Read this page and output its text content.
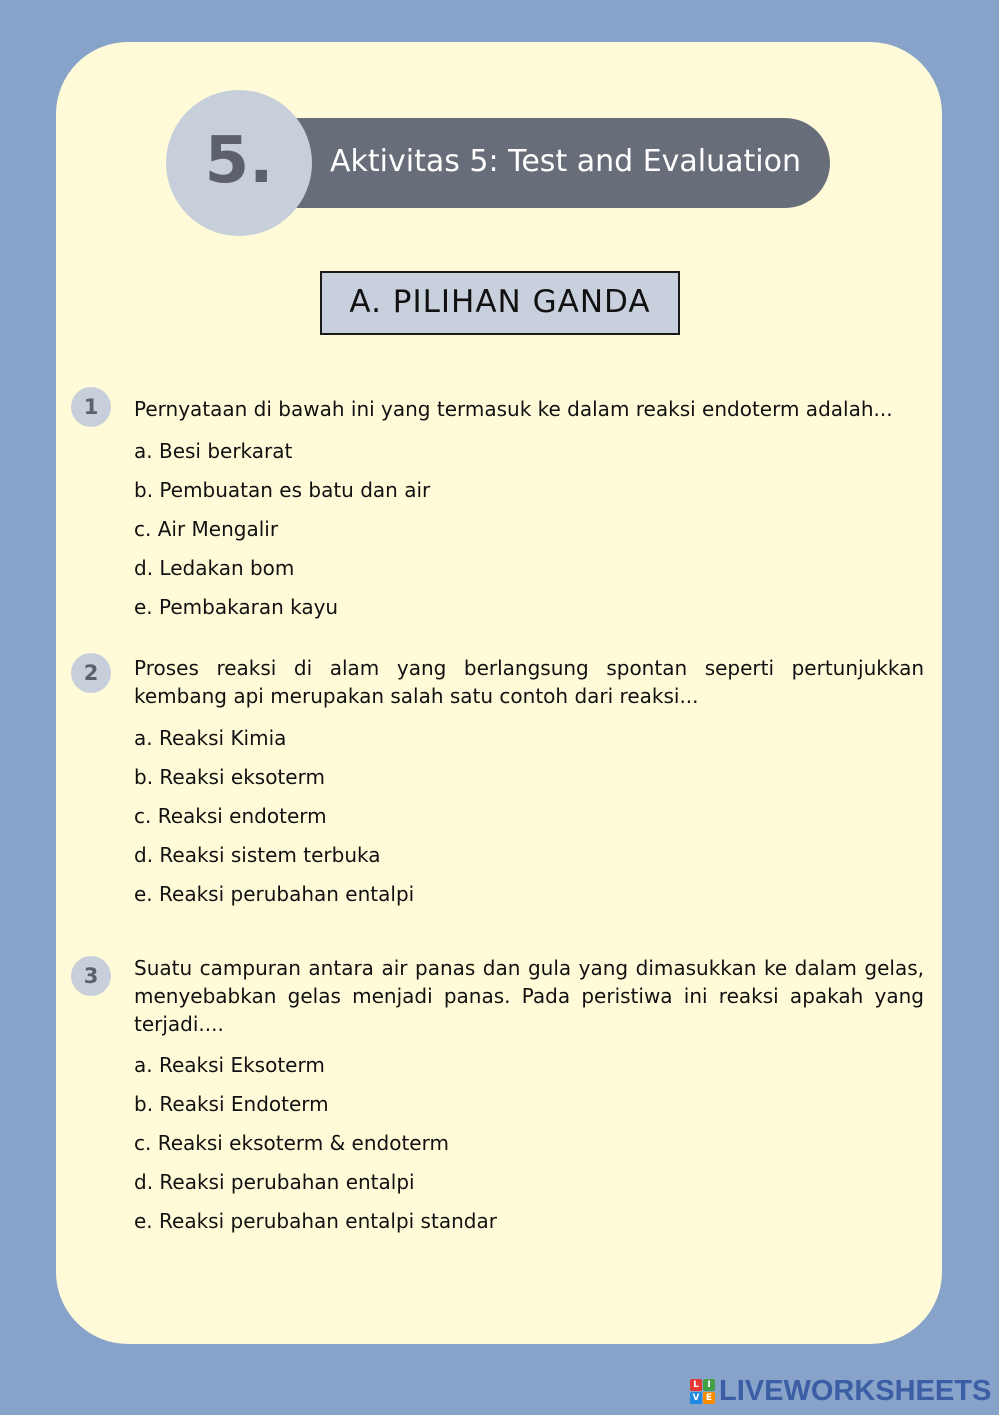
Aktivitas 5: Test and Evaluation
5.
A. PILIHAN GANDA
1	Pernyataan di bawah ini yang termasuk ke dalam reaksi endoterm adalah...
a. Besi berkarat
b. Pembuatan es batu dan air
c. Air Mengalir
d. Ledakan bom
e. Pembakaran kayu
2	Proses reaksi di alam yang berlangsung spontan seperti pertunjukkan kembang api merupakan salah satu contoh dari reaksi...
a. Reaksi Kimia
b. Reaksi eksoterm
c. Reaksi endoterm
d. Reaksi sistem terbuka
e. Reaksi perubahan entalpi
3	Suatu campuran antara air panas dan gula yang dimasukkan ke dalam gelas, menyebabkan gelas menjadi panas. Pada peristiwa ini reaksi apakah yang terjadi....
a. Reaksi Eksoterm
b. Reaksi Endoterm
c. Reaksi eksoterm & endoterm
d. Reaksi perubahan entalpi
e. Reaksi perubahan entalpi standar
L I
V E LIVEWORKSHEETS
